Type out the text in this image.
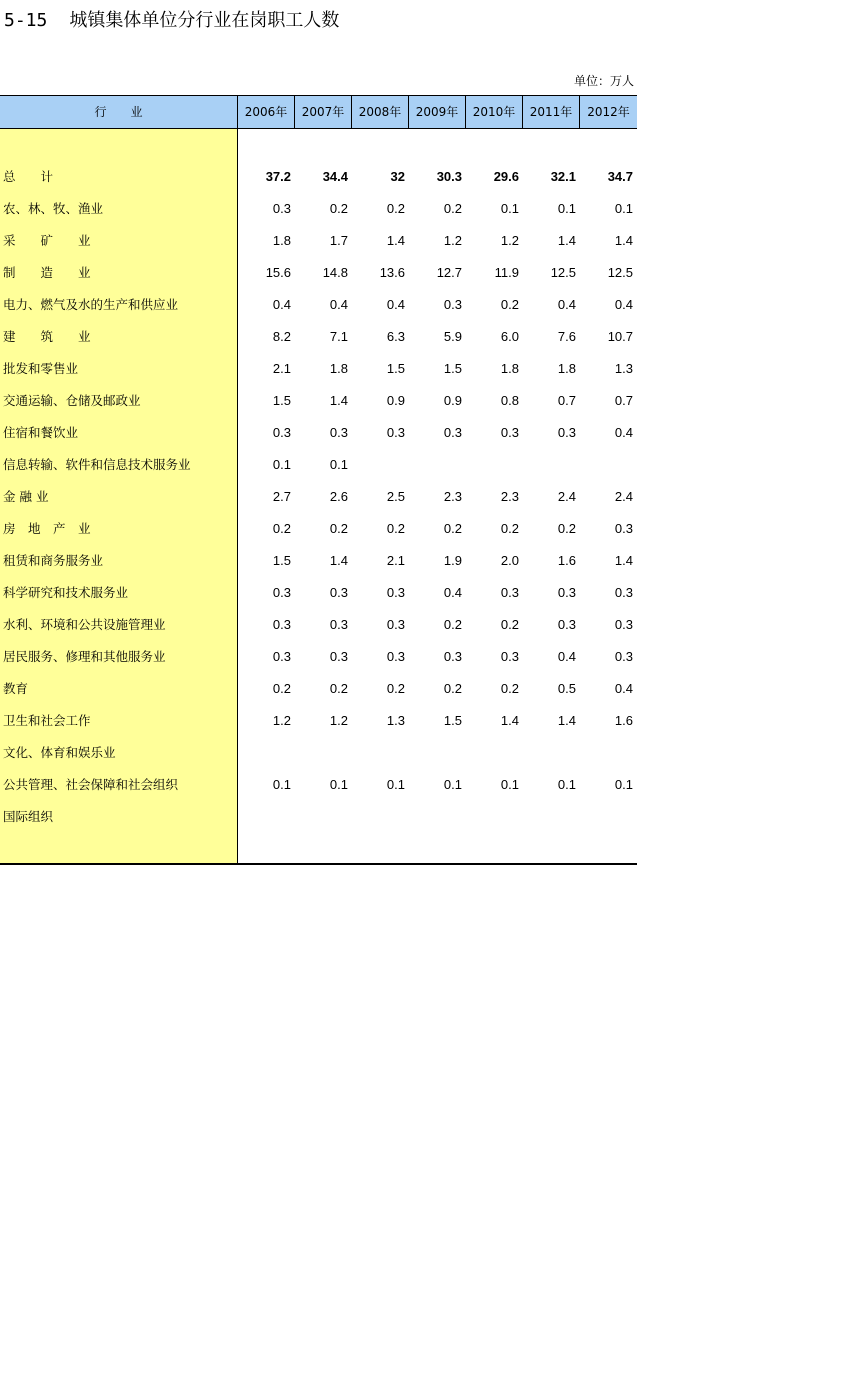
5-15 城镇集体单位分行业在岗职工人数
单位：万人
行　　业	2006年	2007年	2008年	2009年	2010年	2011年	2012年
总　　计	37.2	34.4	32	30.3	29.6	32.1	34.7
农、林、牧、渔业	0.3	0.2	0.2	0.2	0.1	0.1	0.1
采　　矿　　业	1.8	1.7	1.4	1.2	1.2	1.4	1.4
制　　造　　业	15.6	14.8	13.6	12.7	11.9	12.5	12.5
电力、燃气及水的生产和供应业	0.4	0.4	0.4	0.3	0.2	0.4	0.4
建　　筑　　业	8.2	7.1	6.3	5.9	6.0	7.6	10.7
批发和零售业	2.1	1.8	1.5	1.5	1.8	1.8	1.3
交通运输、仓储及邮政业	1.5	1.4	0.9	0.9	0.8	0.7	0.7
住宿和餐饮业	0.3	0.3	0.3	0.3	0.3	0.3	0.4
信息转输、软件和信息技术服务业	0.1	0.1
金 融 业	2.7	2.6	2.5	2.3	2.3	2.4	2.4
房　地　产　业	0.2	0.2	0.2	0.2	0.2	0.2	0.3
租赁和商务服务业	1.5	1.4	2.1	1.9	2.0	1.6	1.4
科学研究和技术服务业	0.3	0.3	0.3	0.4	0.3	0.3	0.3
水利、环境和公共设施管理业	0.3	0.3	0.3	0.2	0.2	0.3	0.3
居民服务、修理和其他服务业	0.3	0.3	0.3	0.3	0.3	0.4	0.3
教育	0.2	0.2	0.2	0.2	0.2	0.5	0.4
卫生和社会工作	1.2	1.2	1.3	1.5	1.4	1.4	1.6
文化、体育和娱乐业
公共管理、社会保障和社会组织	0.1	0.1	0.1	0.1	0.1	0.1	0.1
国际组织
